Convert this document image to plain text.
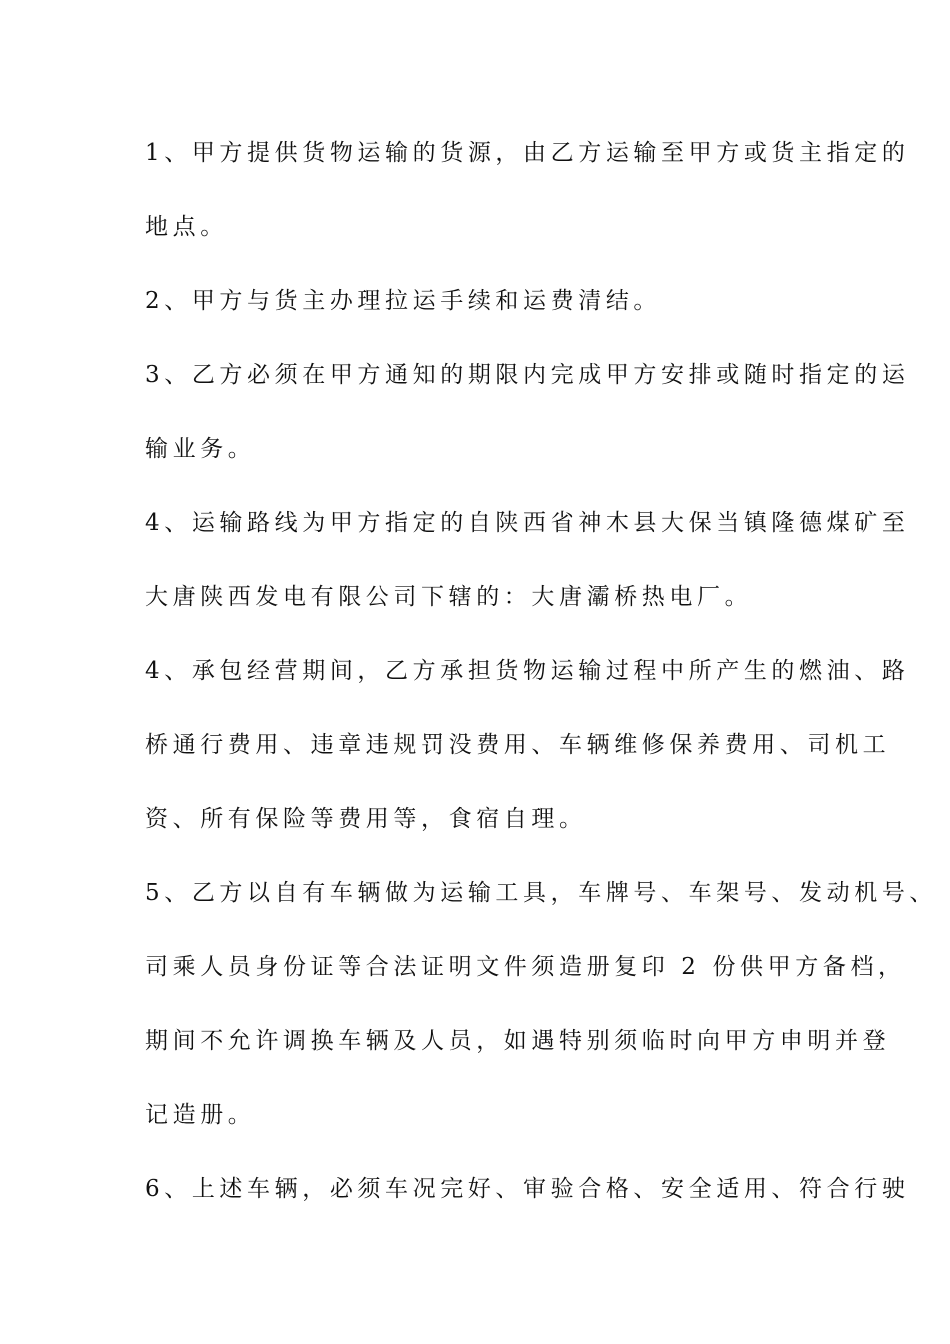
1、甲方提供货物运输的货源，由乙方运输至甲方或货主指定的
地点。
2、甲方与货主办理拉运手续和运费清结。
3、乙方必须在甲方通知的期限内完成甲方安排或随时指定的运
输业务。
4、运输路线为甲方指定的自陕西省神木县大保当镇隆德煤矿至
大唐陕西发电有限公司下辖的：大唐灞桥热电厂。
4、承包经营期间，乙方承担货物运输过程中所产生的燃油、路
桥通行费用、违章违规罚没费用、车辆维修保养费用、司机工
资、所有保险等费用等，食宿自理。
5、乙方以自有车辆做为运输工具，车牌号、车架号、发动机号、
司乘人员身份证等合法证明文件须造册复印 2 份供甲方备档，
期间不允许调换车辆及人员，如遇特别须临时向甲方申明并登
记造册。
6、上述车辆，必须车况完好、审验合格、安全适用、符合行驶
